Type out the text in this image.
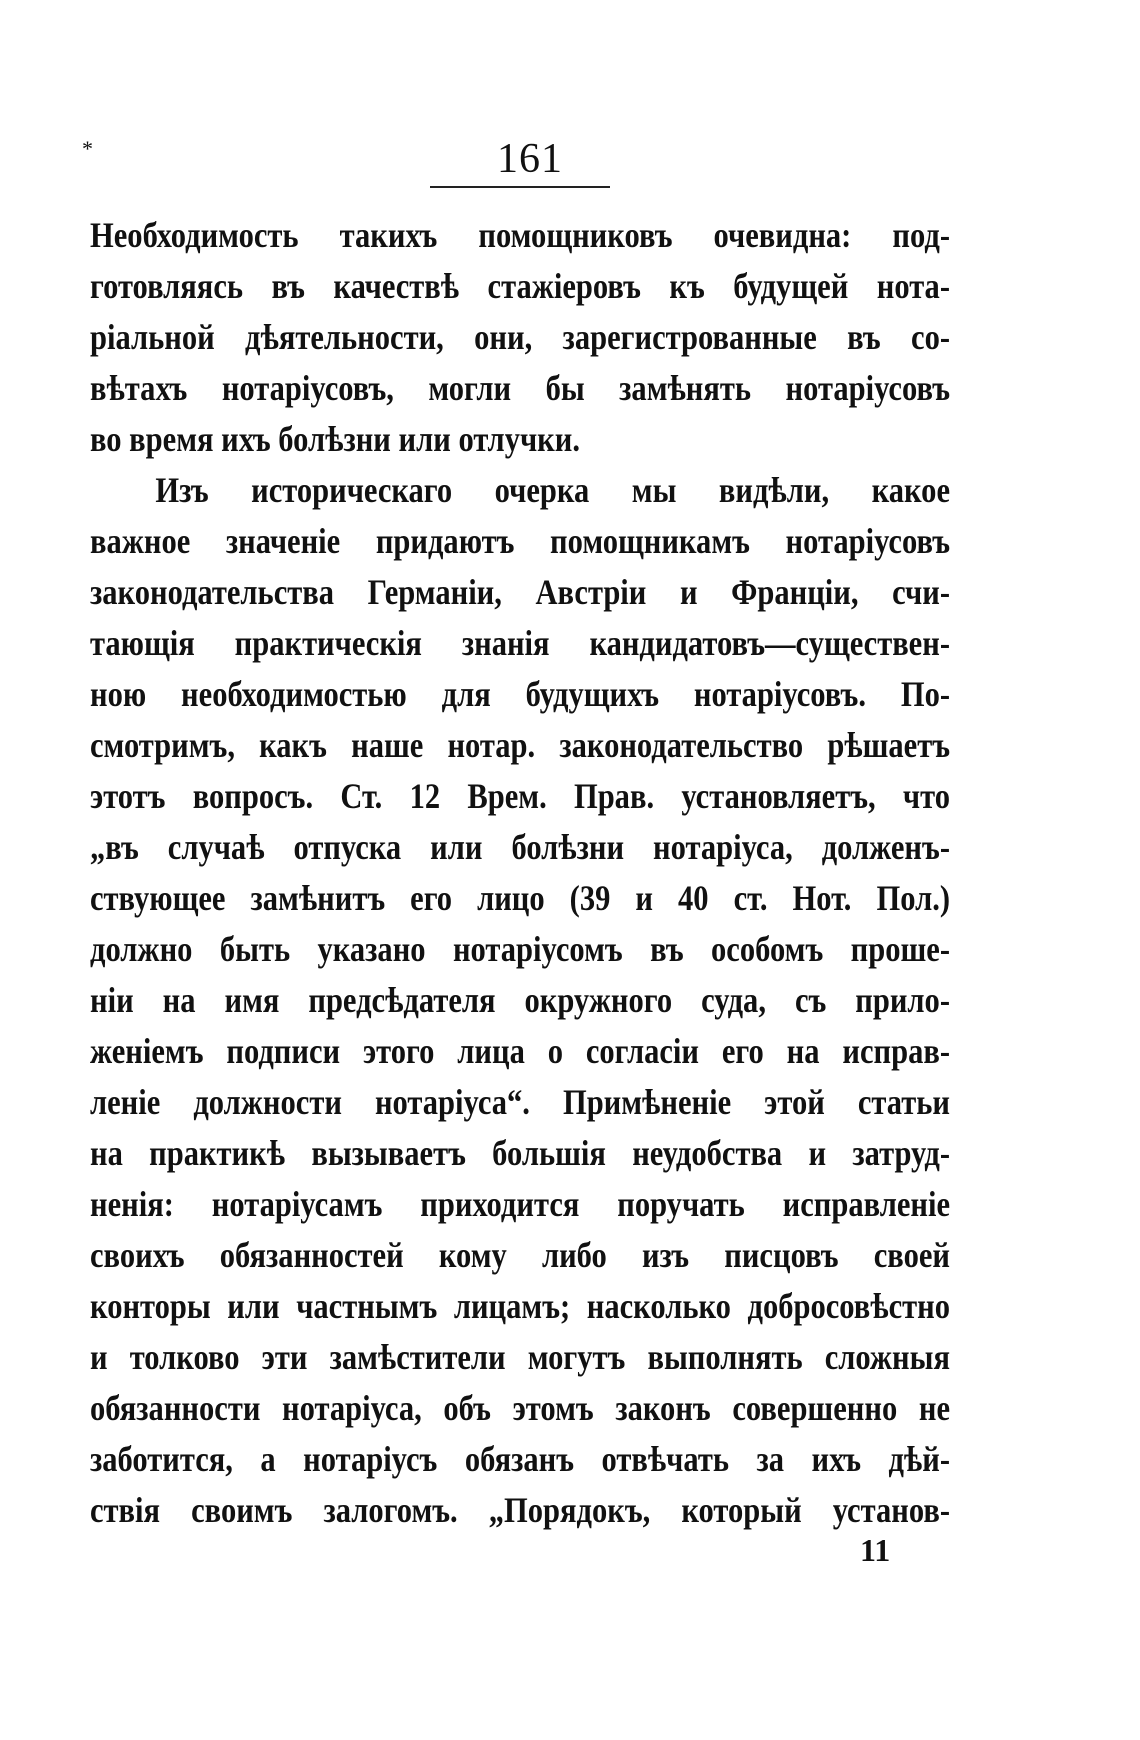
*	161
Необходимость такихъ помощниковъ очевидна: под-
готовляясь въ качествѣ стажіеровъ къ будущей нота-
ріальной дѣятельности, они, зарегистрованные въ со-
вѣтахъ нотаріусовъ, могли бы замѣнять нотаріусовъ
во время ихъ болѣзни или отлучки.
Изъ историческаго очерка мы видѣли, какое
важное значеніе придаютъ помощникамъ нотаріусовъ
законодательства Германіи, Австріи и Франціи, счи-
тающія практическія знанія кандидатовъ—существен-
ною необходимостью для будущихъ нотаріусовъ. По-
смотримъ, какъ наше нотар. законодательство рѣшаетъ
этотъ вопросъ. Ст. 12 Врем. Прав. установляетъ, что
„въ случаѣ отпуска или болѣзни нотаріуса, долженъ-
ствующее замѣнитъ его лицо (39 и 40 ст. Нот. Пол.)
должно быть указано нотаріусомъ въ особомъ проше-
ніи на имя предсѣдателя окружного суда, съ прило-
женіемъ подписи этого лица о согласіи его на исправ-
леніе должности нотаріуса“. Примѣненіе этой статьи
на практикѣ вызываетъ большія неудобства и затруд-
ненія: нотаріусамъ приходится поручать исправленіе
своихъ обязанностей кому либо изъ писцовъ своей
конторы или частнымъ лицамъ; насколько добросовѣстно
и толково эти замѣстители могутъ выполнять сложныя
обязанности нотаріуса, объ этомъ законъ совершенно не
заботится, а нотаріусъ обязанъ отвѣчать за ихъ дѣй-
ствія своимъ залогомъ. „Порядокъ, который установ-
11
